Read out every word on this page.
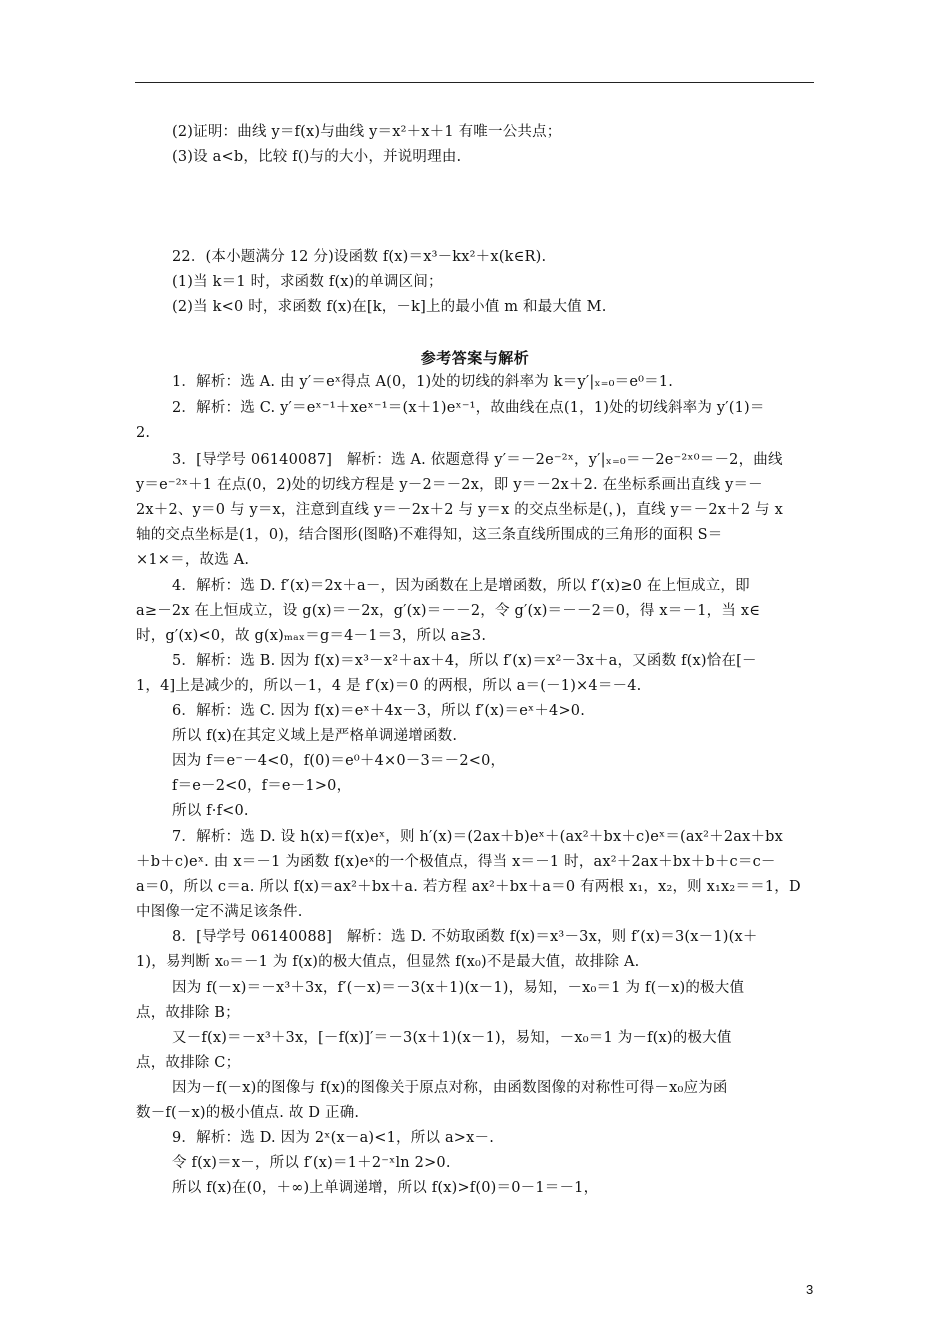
(2)证明：曲线 y＝f(x)与曲线 y＝x²＋x＋1 有唯一公共点；
(3)设 a<b，比较 f()与的大小，并说明理由.
22．(本小题满分 12 分)设函数 f(x)＝x³－kx²＋x(k∈R).
(1)当 k＝1 时，求函数 f(x)的单调区间；
(2)当 k<0 时，求函数 f(x)在[k，－k]上的最小值 m 和最大值 M.
参考答案与解析
1．解析：选 A. 由 y′＝eˣ得点 A(0，1)处的切线的斜率为 k＝y′|ₓ₌₀＝e⁰＝1.
2．解析：选 C. y′＝eˣ⁻¹＋xeˣ⁻¹＝(x＋1)eˣ⁻¹，故曲线在点(1，1)处的切线斜率为 y′(1)＝
2.
3．[导学号 06140087]　解析：选 A. 依题意得 y′＝－2e⁻²ˣ，y′|ₓ₌₀＝－2e⁻²ˣ⁰＝－2，曲线
y＝e⁻²ˣ＋1 在点(0，2)处的切线方程是 y－2＝－2x，即 y＝－2x＋2. 在坐标系画出直线 y＝－
2x＋2、y＝0 与 y＝x，注意到直线 y＝－2x＋2 与 y＝x 的交点坐标是(，)，直线 y＝－2x＋2 与 x
轴的交点坐标是(1，0)，结合图形(图略)不难得知，这三条直线所围成的三角形的面积 S＝
×1×＝，故选 A.
4．解析：选 D. f′(x)＝2x＋a－，因为函数在上是增函数，所以 f′(x)≥0 在上恒成立，即
a≥－2x 在上恒成立，设 g(x)＝－2x，g′(x)＝－－2，令 g′(x)＝－－2＝0，得 x＝－1，当 x∈
时，g′(x)<0，故 g(x)ₘₐₓ＝g＝4－1＝3，所以 a≥3.
5．解析：选 B. 因为 f(x)＝x³－x²＋ax＋4，所以 f′(x)＝x²－3x＋a，又函数 f(x)恰在[－
1，4]上是减少的，所以－1，4 是 f′(x)＝0 的两根，所以 a＝(－1)×4＝－4.
6．解析：选 C. 因为 f(x)＝eˣ＋4x－3，所以 f′(x)＝eˣ＋4>0.
所以 f(x)在其定义域上是严格单调递增函数.
因为 f＝e⁻－4<0，f(0)＝e⁰＋4×0－3＝－2<0，
f＝e－2<0，f＝e－1>0，
所以 f·f<0.
7．解析：选 D. 设 h(x)＝f(x)eˣ，则 h′(x)＝(2ax＋b)eˣ＋(ax²＋bx＋c)eˣ＝(ax²＋2ax＋bx
＋b＋c)eˣ. 由 x＝－1 为函数 f(x)eˣ的一个极值点，得当 x＝－1 时，ax²＋2ax＋bx＋b＋c＝c－
a＝0，所以 c＝a. 所以 f(x)＝ax²＋bx＋a. 若方程 ax²＋bx＋a＝0 有两根 x₁，x₂，则 x₁x₂＝＝1，D
中图像一定不满足该条件.
8．[导学号 06140088]　解析：选 D. 不妨取函数 f(x)＝x³－3x，则 f′(x)＝3(x－1)(x＋
1)，易判断 x₀＝－1 为 f(x)的极大值点，但显然 f(x₀)不是最大值，故排除 A.
因为 f(－x)＝－x³＋3x，f′(－x)＝－3(x＋1)(x－1)，易知，－x₀＝1 为 f(－x)的极大值
点，故排除 B；
又－f(x)＝－x³＋3x，[－f(x)]′＝－3(x＋1)(x－1)，易知，－x₀＝1 为－f(x)的极大值
点，故排除 C；
因为－f(－x)的图像与 f(x)的图像关于原点对称，由函数图像的对称性可得－x₀应为函
数－f(－x)的极小值点. 故 D 正确.
9．解析：选 D. 因为 2ˣ(x－a)<1，所以 a>x－.
令 f(x)＝x－，所以 f′(x)＝1＋2⁻ˣln 2>0.
所以 f(x)在(0，＋∞)上单调递增，所以 f(x)>f(0)＝0－1＝－1，
3
